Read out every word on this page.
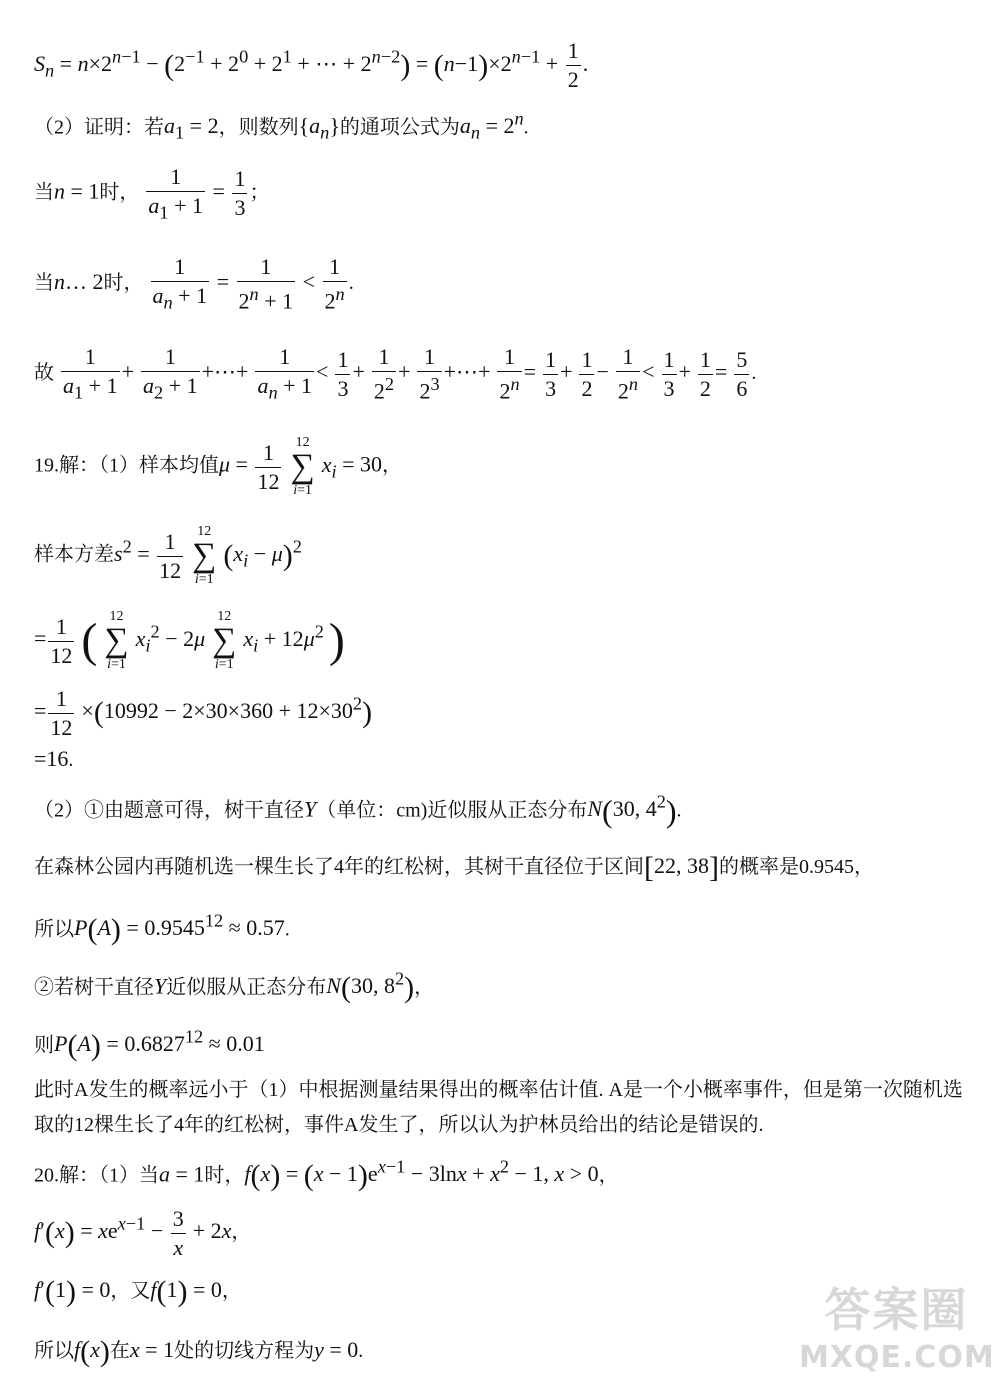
$S_n = n\times 2^{n-1} - (2^{-1} + 2^0 + 2^1$ + ⋯ + $2^{n-2}) = (n-1)\times 2^{n-1} + \frac{1}{2}$ .
（2）证明：若$a_1 = 2$，则数列$\{a_n\}$的通项公式为$a_n = 2^n$.
当n = 1时， $\frac{1}{a_1 + 1} = \frac{1}{3}$ ；
当n… 2时， $\frac{1}{a_n + 1} = \frac{1}{2^n + 1} < \frac{1}{2^n}$ .
故 $\frac{1}{a_1 + 1} + \frac{1}{a_2 + 1}$ +⋯+ $\frac{1}{a_n + 1} < \frac{1}{3} + \frac{1}{2^2} + \frac{1}{2^3}$ +⋯+ $\frac{1}{2^n} = \frac{1}{3} + \frac{1}{2} - \frac{1}{2^n} < \frac{1}{3} + \frac{1}{2} = \frac{5}{6}$ .
19.解：（1）样本均值$\mu = \frac{1}{12}$
	12
∑
i=1
$x_i = 30$，
样本方差$s^2 = \frac{1}{12}$
	12
∑
i=1
$(x_i - \mu)^2$
= $\frac{1}{12}$ ( 12
∑
i=1
$x_i^2 - 2\mu$
12
∑
i=1
$x_i + 12\mu^2$ )
= $\frac{1}{12} \times(10992 - 2\times 30\times 360 + 12\times 30^2)$
=16.
（2）①由题意可得，树干直径Y（单位：cm)近似服从正态分布N(30, $4^2$).
在森林公园内再随机选一棵生长了4年的红松树，其树干直径位于区间[22, 38]的概率是0.9545，
所以$P(A) = 0.9545^{12} \approx 0.57$.
②若树干直径Y近似服从正态分布N(30, $8^2$)，
则$P(A) = 0.6827^{12} \approx 0.01$
此时A发生的概率远小于（1）中根据测量结果得出的概率估计值. A是一个小概率事件，但是第一次随机选
取的12棵生长了4年的红松树，事件A发生了，所以认为护林员给出的结论是错误的.
20.解：（1）当a = 1时，$f(x) = (x - 1)e^{x-1} - 3\ln x + x^2 - 1$, x > 0，
$f'(x) = xe^{x-1} - \frac{3}{x} + 2x$，
f′(1) = 0，又f(1) = 0，
所以f(x)在x = 1处的切线方程为y = 0.
答案圈
MXQE.COM
